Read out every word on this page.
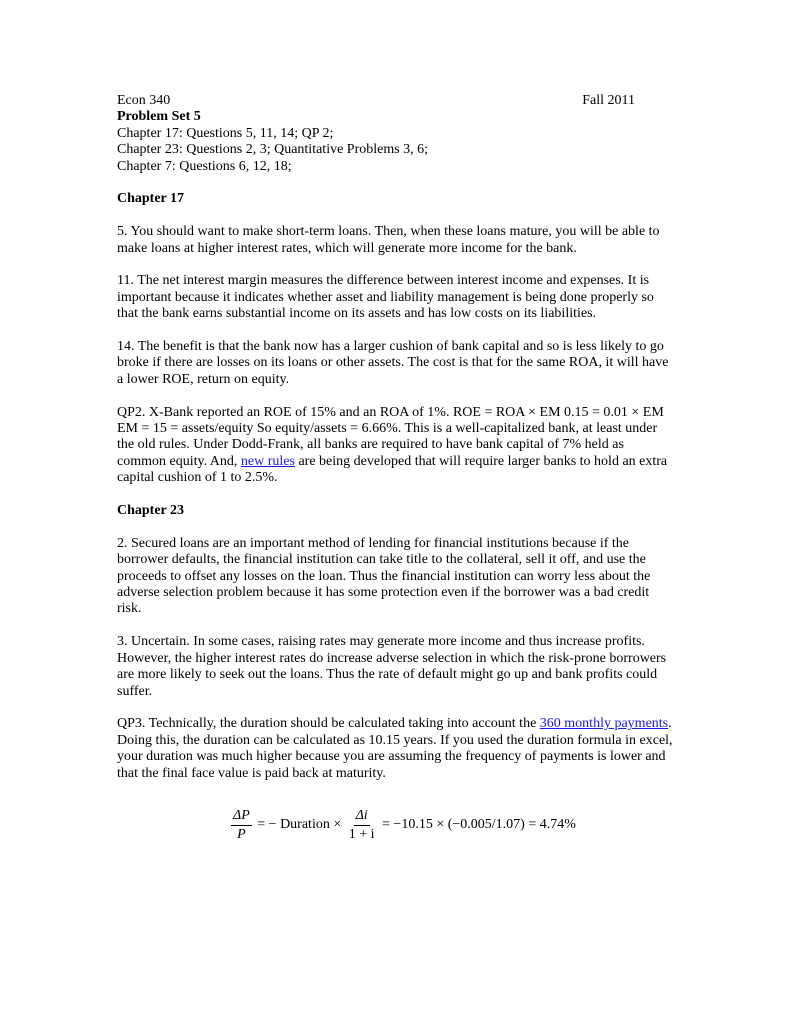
Econ 340	Fall 2011

Problem Set 5

Chapter 17: Questions 5, 11, 14; QP 2;

Chapter 23: Questions 2, 3; Quantitative Problems 3, 6;

Chapter 7: Questions 6, 12, 18;

Chapter 17

5. You should want to make short-term loans. Then, when these loans mature, you will be able to make loans at higher interest rates, which will generate more income for the bank.

11. The net interest margin measures the difference between interest income and expenses. It is important because it indicates whether asset and liability management is being done properly so that the bank earns substantial income on its assets and has low costs on its liabilities.

14. The benefit is that the bank now has a larger cushion of bank capital and so is less likely to go broke if there are losses on its loans or other assets. The cost is that for the same ROA, it will have a lower ROE, return on equity.

QP2. X-Bank reported an ROE of 15% and an ROA of 1%. ROE = ROA × EM 0.15 = 0.01 × EM EM = 15 = assets/equity So equity/assets = 6.66%. This is a well-capitalized bank, at least under the old rules. Under Dodd-Frank, all banks are required to have bank capital of 7% held as common equity. And, new rules are being developed that will require larger banks to hold an extra capital cushion of 1 to 2.5%.

Chapter 23

2. Secured loans are an important method of lending for financial institutions because if the borrower defaults, the financial institution can take title to the collateral, sell it off, and use the proceeds to offset any losses on the loan. Thus the financial institution can worry less about the adverse selection problem because it has some protection even if the borrower was a bad credit risk.

3. Uncertain. In some cases, raising rates may generate more income and thus increase profits. However, the higher interest rates do increase adverse selection in which the risk-prone borrowers are more likely to seek out the loans. Thus the rate of default might go up and bank profits could suffer.

QP3. Technically, the duration should be calculated taking into account the 360 monthly payments. Doing this, the duration can be calculated as 10.15 years. If you used the duration formula in excel, your duration was much higher because you are assuming the frequency of payments is lower and that the final face value is paid back at maturity.

$\frac{\Delta P}{P}$ = − Duration × $\frac{\Delta i}{1 + i} = -10.15 \times (-0.005/1.07) = 4.74\%$
